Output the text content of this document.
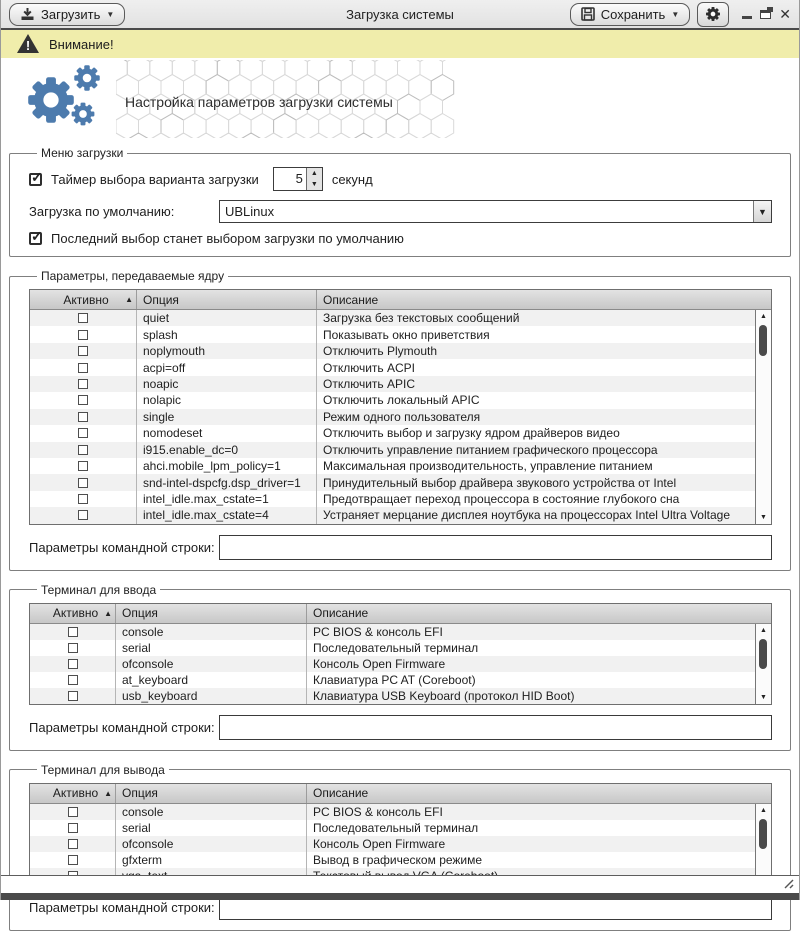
Загрузить ▼	Загрузка системы	Сохранить ▼	✕
! Внимание!
Настройка параметров загрузки системы
Меню загрузки
✓ Таймер выбора варианта загрузки	5	▲
▼	секунд
Загрузка по умолчанию:	UBLinux	▼
✓ Последний выбор станет выбором загрузки по умолчанию
Параметры, передаваемые ядру
Активно ▲ Опция	Описание
quiet	Загрузка без текстовых сообщений
splash	Показывать окно приветствия
noplymouth	Отключить Plymouth
acpi=off	Отключить ACPI
noapic	Отключить APIC
nolapic	Отключить локальный APIC
single	Режим одного пользователя
nomodeset	Отключить выбор и загрузку ядром драйверов видео
i915.enable_dc=0	Отключить управление питанием графического процессора
ahci.mobile_lpm_policy=1	Максимальная производительность, управление питанием
snd-intel-dspcfg.dsp_driver=1	Принудительный выбор драйвера звукового устройства от Intel
intel_idle.max_cstate=1	Предотвращает переход процессора в состояние глубокого сна
intel_idle.max_cstate=4	Устраняет мерцание дисплея ноутбука на процессорах Intel Ultra Voltage
▲
▼
Параметры командной строки:
Терминал для ввода
Активно ▲ Опция	Описание
console	PC BIOS & консоль EFI
serial	Последовательный терминал
ofconsole	Консоль Open Firmware
at_keyboard	Клавиатура PC AT (Coreboot)
usb_keyboard	Клавиатура USB Keyboard (протокол HID Boot)
▲
▼
Параметры командной строки:
Терминал для вывода
Активно ▲ Опция	Описание
console	PC BIOS & консоль EFI
serial	Последовательный терминал
ofconsole	Консоль Open Firmware
gfxterm	Вывод в графическом режиме
▲
Параметры командной строки:
